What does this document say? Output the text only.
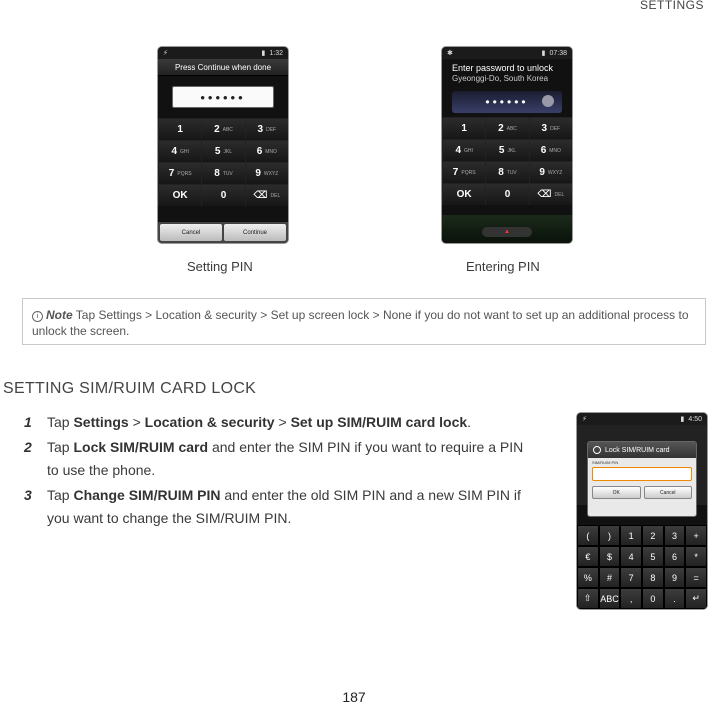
SETTINGS
⚡	▮ 1:32
Press Continue when done
••••••
1	2 ABC 3 DEF
4 GHI	5 JKL 6 MNO
7 PQRS 8 TUV 9 WXYZ
OK	0	⌫ DEL
Cancel	Continue
Setting PIN
✱	▮ 07:38
Enter password to unlock
Gyeonggi-Do, South Korea
••••••
1	2 ABC 3 DEF
4 GHI	5 JKL 6 MNO
7 PQRS 8 TUV 9 WXYZ
OK	0	⌫ DEL
▲
Entering PIN
i Note Tap Settings > Location & security > Set up screen lock > None if you do not want to set up an additional process to unlock the screen.
SETTING SIM/RUIM CARD LOCK
1	Tap Settings > Location & security > Set up SIM/RUIM card lock.
2	Tap Lock SIM/RUIM card and enter the SIM PIN if you want to require a PIN to use the phone.
3	Tap Change SIM/RUIM PIN and enter the old SIM PIN and a new SIM PIN if you want to change the SIM/RUIM PIN.
⚡	▮ 4:50
Lock SIM/RUIM card
SIM/RUIM PIN
OK	Cancel
(	)	1	2	3	+
€	$	4	5	6	*
%	#	7	8	9	=
⇧ ABC	,	0	.	↵
187
